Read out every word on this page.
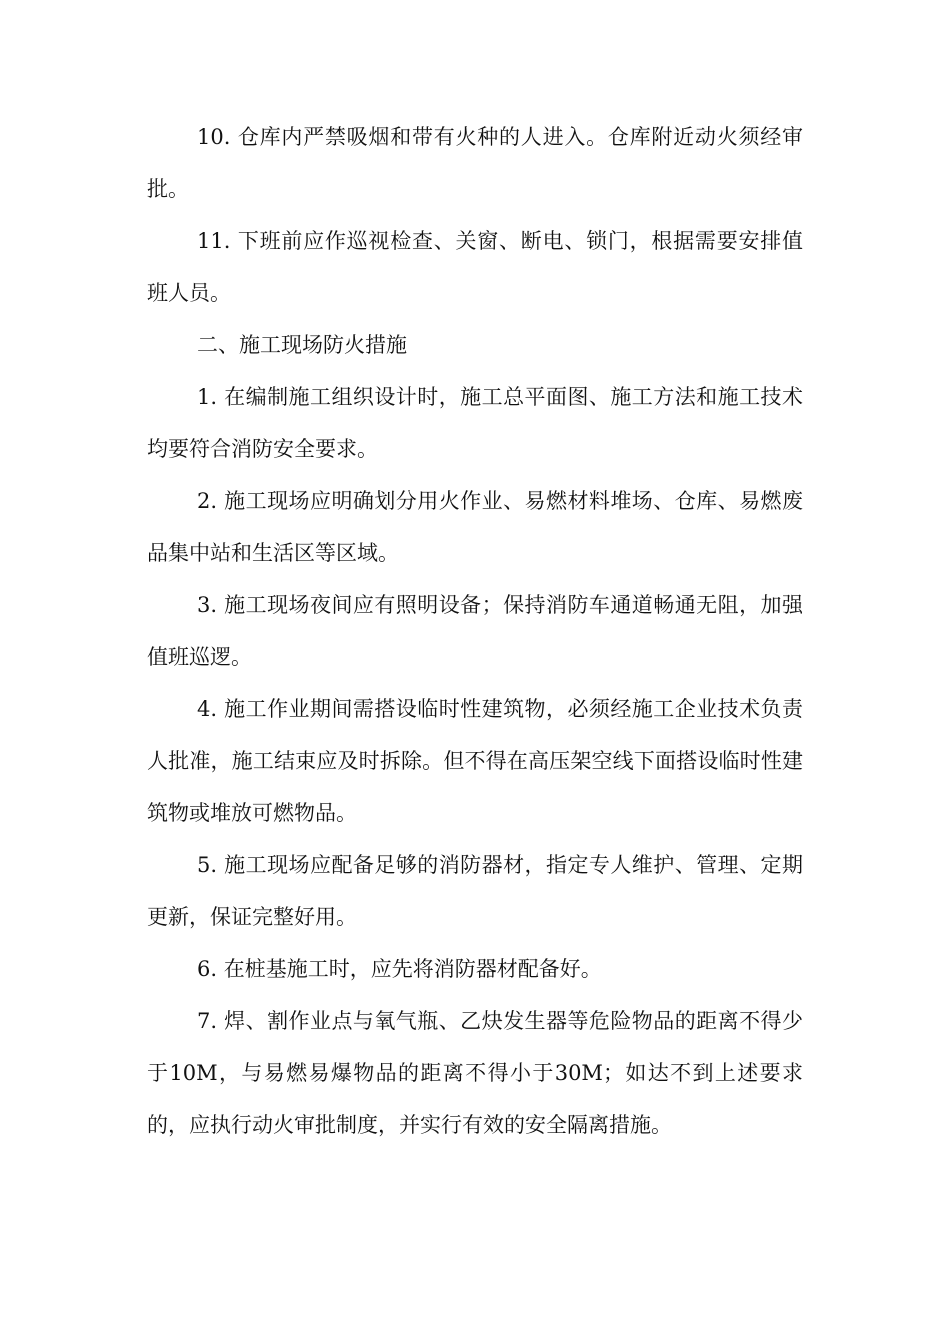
10. 仓库内严禁吸烟和带有火种的人进入。仓库附近动火须经审批。

11. 下班前应作巡视检查、关窗、断电、锁门，根据需要安排值班人员。

二、施工现场防火措施

1. 在编制施工组织设计时，施工总平面图、施工方法和施工技术均要符合消防安全要求。

2. 施工现场应明确划分用火作业、易燃材料堆场、仓库、易燃废品集中站和生活区等区域。

3. 施工现场夜间应有照明设备；保持消防车通道畅通无阻，加强值班巡逻。

4. 施工作业期间需搭设临时性建筑物，必须经施工企业技术负责人批准，施工结束应及时拆除。但不得在高压架空线下面搭设临时性建筑物或堆放可燃物品。

5. 施工现场应配备足够的消防器材，指定专人维护、管理、定期更新，保证完整好用。

6. 在桩基施工时，应先将消防器材配备好。

7. 焊、割作业点与氧气瓶、乙炔发生器等危险物品的距离不得少于10M，与易燃易爆物品的距离不得小于30M；如达不到上述要求的，应执行动火审批制度，并实行有效的安全隔离措施。
